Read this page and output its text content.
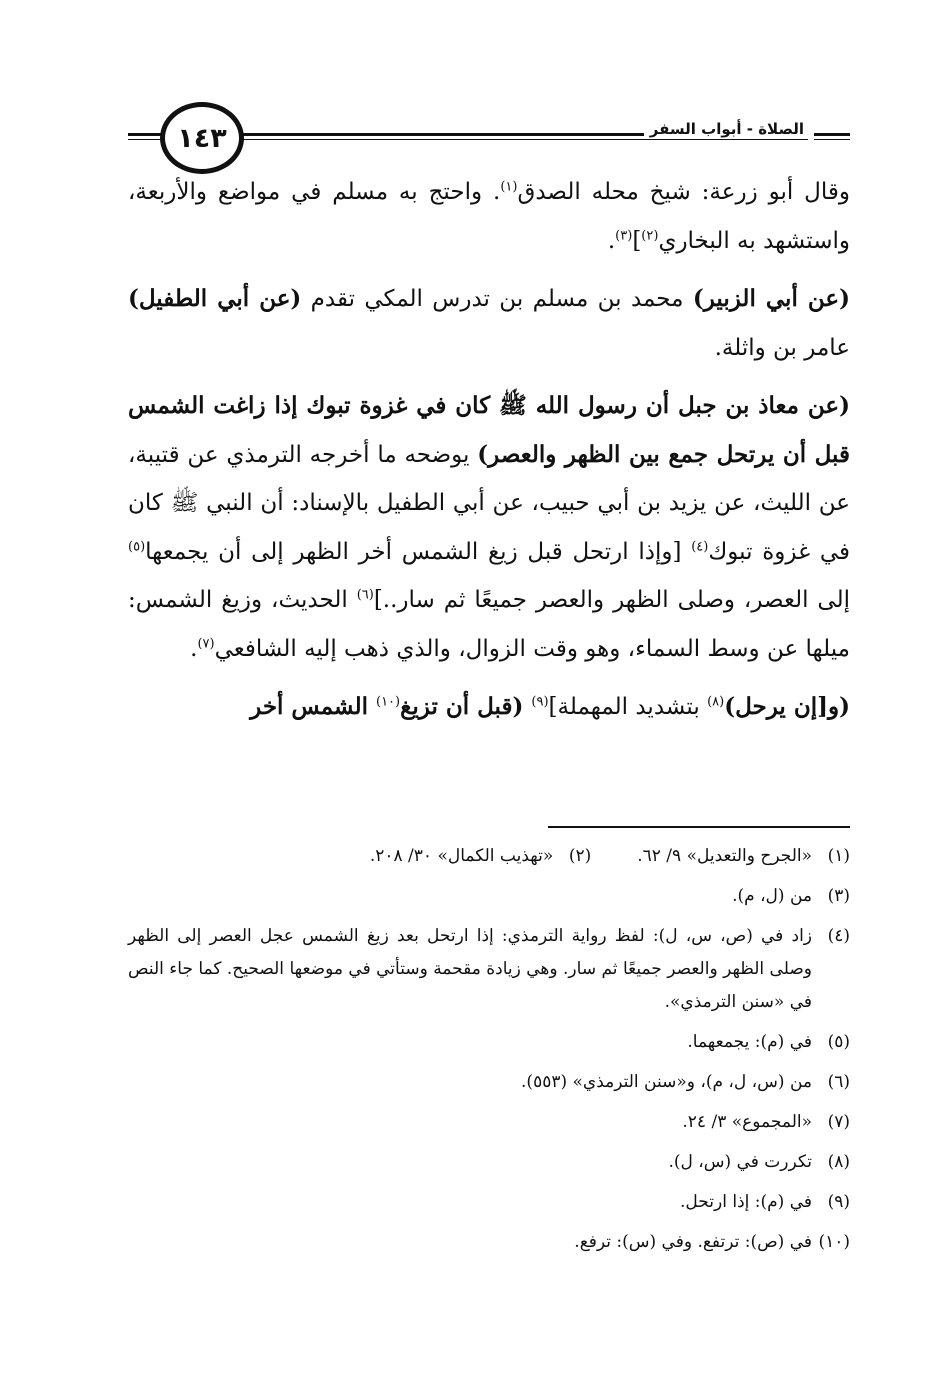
١٤٣	الصلاة - أبواب السفر

وقال أبو زرعة: شيخ محله الصدق$^{(١)}$. واحتج به مسلم في مواضع والأربعة، واستشهد به البخاري$^{(٢)}$]$^{(٣)}$.

(عن أبي الزبير) محمد بن مسلم بن تدرس المكي تقدم (عن أبي الطفيل) عامر بن واثلة.

(عن معاذ بن جبل أن رسول الله ﷺ كان في غزوة تبوك إذا زاغت الشمس قبل أن يرتحل جمع بين الظهر والعصر) يوضحه ما أخرجه الترمذي عن قتيبة، عن الليث، عن يزيد بن أبي حبيب، عن أبي الطفيل بالإسناد: أن النبي ﷺ كان في غزوة تبوك$^{(٤)}$ [وإذا ارتحل قبل زيغ الشمس أخر الظهر إلى أن يجمعها$^{(٥)}$ إلى العصر، وصلى الظهر والعصر جميعًا ثم سار..]$^{(٦)}$ الحديث، وزيغ الشمس: ميلها عن وسط السماء، وهو وقت الزوال، والذي ذهب إليه الشافعي$^{(٧)}$.

(و[إن يرحل)$^{(٨)}$ بتشديد المهملة]$^{(٩)}$ (قبل أن تزيغ$^{(١٠)}$ الشمس أخر

(١)
«الجرح والتعديل» ٩/ ٦٢.
(٢)
«تهذيب الكمال» ٣٠/ ٢٠٨.
(٣)
من (ل، م).
(٤)
زاد في (ص، س، ل): لفظ رواية الترمذي: إذا ارتحل بعد زيغ الشمس عجل العصر إلى الظهر وصلى الظهر والعصر جميعًا ثم سار. وهي زيادة مقحمة وستأتي في موضعها الصحيح. كما جاء النص في «سنن الترمذي».
(٥)
في (م): يجمعهما.
(٦)
من (س، ل، م)، و«سنن الترمذي» (٥٥٣).
(٧)
«المجموع» ٣/ ٢٤.
(٨)
تكررت في (س، ل).
(٩)
في (م): إذا ارتحل.
(١٠)
في (ص): ترتفع. وفي (س): ترفع.
